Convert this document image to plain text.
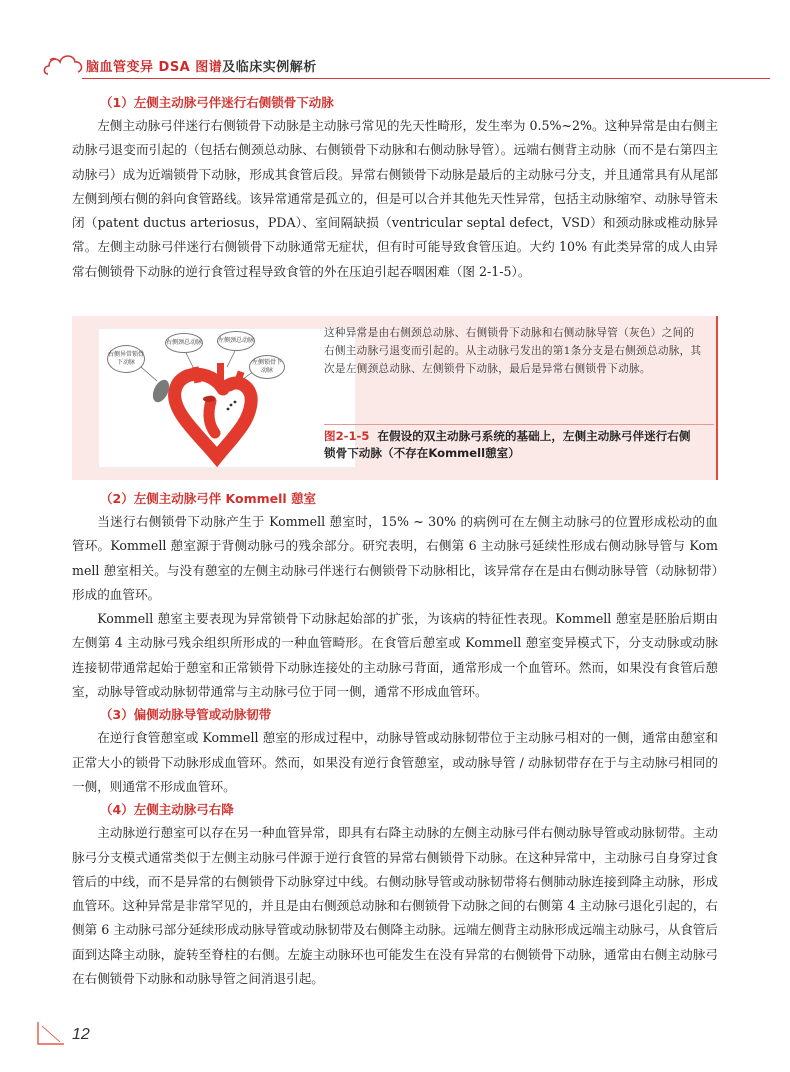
脑血管变异 DSA 图谱及临床实例解析
（1）左侧主动脉弓伴迷行右侧锁骨下动脉

左侧主动脉弓伴迷行右侧锁骨下动脉是主动脉弓常见的先天性畸形，发生率为 0.5%~2%。这种异常是由右侧主动脉弓退变而引起的（包括右侧颈总动脉、右侧锁骨下动脉和右侧动脉导管）。远端右侧背主动脉（而不是右第四主动脉弓）成为近端锁骨下动脉，形成其食管后段。异常右侧锁骨下动脉是最后的主动脉弓分支，并且通常具有从尾部左侧到颅右侧的斜向食管路线。该异常通常是孤立的，但是可以合并其他先天性异常，包括主动脉缩窄、动脉导管未闭（patent ductus arteriosus，PDA）、室间隔缺损（ventricular septal defect，VSD）和颈动脉或椎动脉异常。左侧主动脉弓伴迷行右侧锁骨下动脉通常无症状，但有时可能导致食管压迫。大约 10% 有此类异常的成人由异常右侧锁骨下动脉的逆行食管过程导致食管的外在压迫引起吞咽困难（图 2-1-5）。

右侧异常锁骨下动脉
右侧颈总动脉	左侧颈总动脉
左侧锁骨下动脉
这种异常是由右侧颈总动脉、右侧锁骨下动脉和右侧动脉导管（灰色）之间的右侧主动脉弓退变而引起的。从主动脉弓发出的第1条分支是右侧颈总动脉，其次是左侧颈总动脉、左侧锁骨下动脉，最后是异常右侧锁骨下动脉。
图2-1-5 在假设的双主动脉弓系统的基础上，左侧主动脉弓伴迷行右侧锁骨下动脉（不存在Kommell憩室）
（2）左侧主动脉弓伴 Kommell 憩室

当迷行右侧锁骨下动脉产生于 Kommell 憩室时，15% ~ 30% 的病例可在左侧主动脉弓的位置形成松动的血管环。Kommell 憩室源于背侧动脉弓的残余部分。研究表明，右侧第 6 主动脉弓延续性形成右侧动脉导管与 Kommell 憩室相关。与没有憩室的左侧主动脉弓伴迷行右侧锁骨下动脉相比，该异常存在是由右侧动脉导管（动脉韧带）形成的血管环。

Kommell 憩室主要表现为异常锁骨下动脉起始部的扩张，为该病的特征性表现。Kommell 憩室是胚胎后期由左侧第 4 主动脉弓残余组织所形成的一种血管畸形。在食管后憩室或 Kommell 憩室变异模式下，分支动脉或动脉连接韧带通常起始于憩室和正常锁骨下动脉连接处的主动脉弓背面，通常形成一个血管环。然而，如果没有食管后憩室，动脉导管或动脉韧带通常与主动脉弓位于同一侧，通常不形成血管环。

（3）偏侧动脉导管或动脉韧带

在逆行食管憩室或 Kommell 憩室的形成过程中，动脉导管或动脉韧带位于主动脉弓相对的一侧，通常由憩室和正常大小的锁骨下动脉形成血管环。然而，如果没有逆行食管憩室，或动脉导管 / 动脉韧带存在于与主动脉弓相同的一侧，则通常不形成血管环。

（4）左侧主动脉弓右降

主动脉逆行憩室可以存在另一种血管异常，即具有右降主动脉的左侧主动脉弓伴右侧动脉导管或动脉韧带。主动脉弓分支模式通常类似于左侧主动脉弓伴源于逆行食管的异常右侧锁骨下动脉。在这种异常中，主动脉弓自身穿过食管后的中线，而不是异常的右侧锁骨下动脉穿过中线。右侧动脉导管或动脉韧带将右侧肺动脉连接到降主动脉，形成血管环。这种异常是非常罕见的，并且是由右侧颈总动脉和右侧锁骨下动脉之间的右侧第 4 主动脉弓退化引起的，右侧第 6 主动脉弓部分延续形成动脉导管或动脉韧带及右侧降主动脉。远端左侧背主动脉形成远端主动脉弓，从食管后面到达降主动脉，旋转至脊柱的右侧。左旋主动脉环也可能发生在没有异常的右侧锁骨下动脉，通常由右侧主动脉弓在右侧锁骨下动脉和动脉导管之间消退引起。

12
